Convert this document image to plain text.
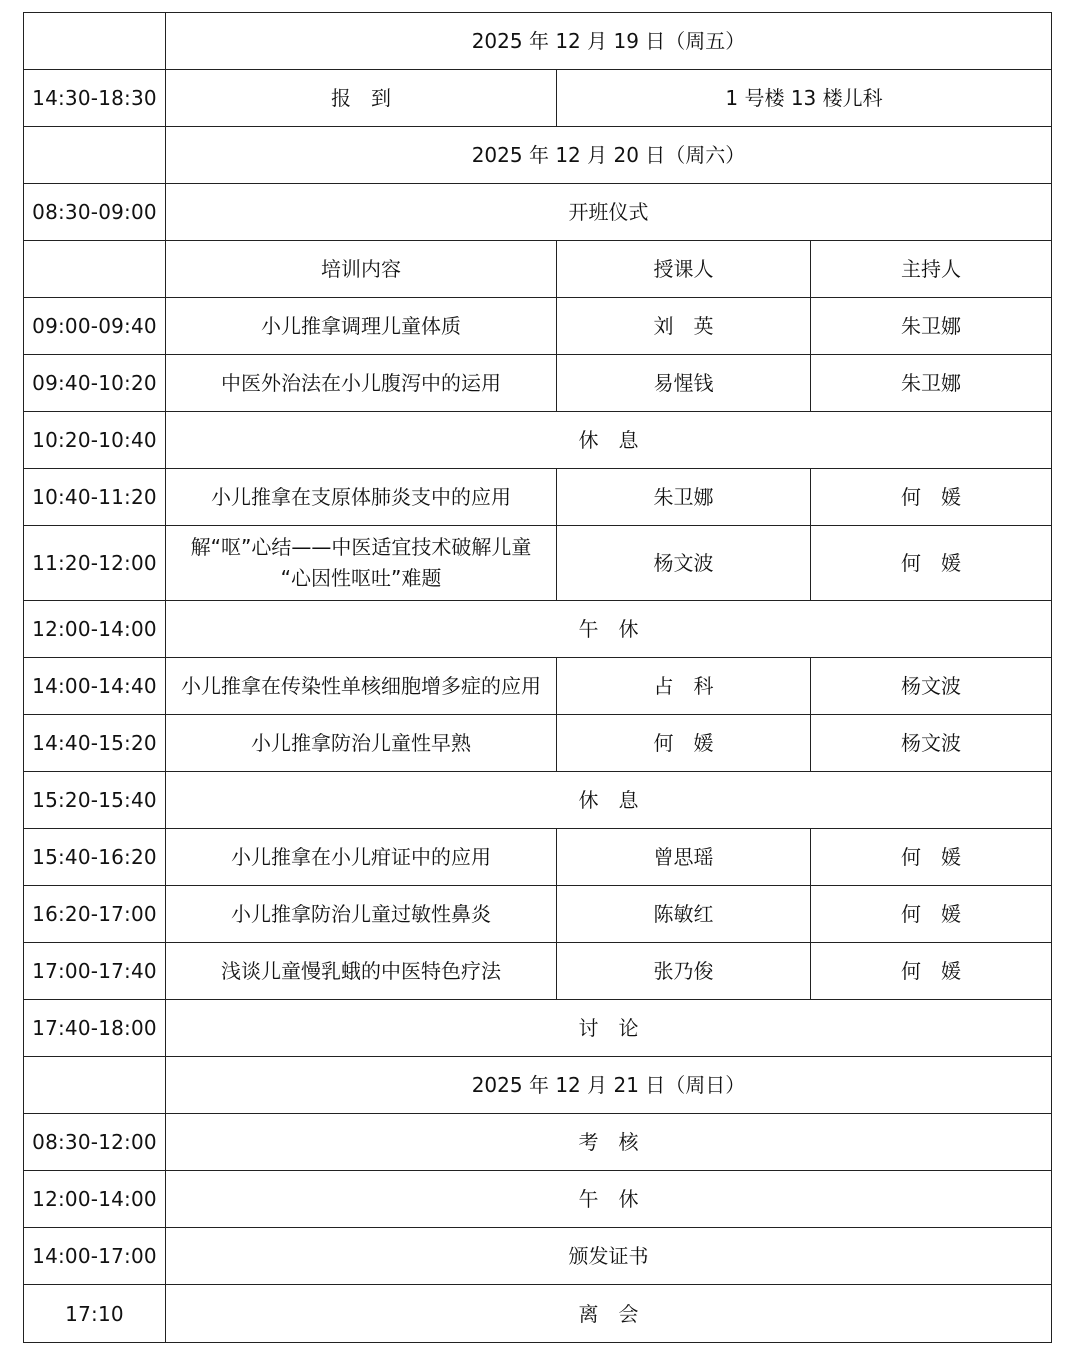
	2025 年 12 月 19 日（周五）		
14:30-18:30	报　到	1 号楼 13 楼儿科	
	2025 年 12 月 20 日（周六）		
08:30-09:00	开班仪式		
	培训内容	授课人	主持人
09:00-09:40	小儿推拿调理儿童体质	刘　英	朱卫娜
09:40-10:20	中医外治法在小儿腹泻中的运用	易惺钱	朱卫娜
10:20-10:40	休　息		
10:40-11:20	小儿推拿在支原体肺炎支中的应用	朱卫娜	何　媛
11:20-12:00	解“呕”心结——中医适宜技术破解儿童
“心因性呕吐”难题	杨文波	何　媛
12:00-14:00	午　休		
14:00-14:40	小儿推拿在传染性单核细胞增多症的应用	占　科	杨文波
14:40-15:20	小儿推拿防治儿童性早熟	何　媛	杨文波
15:20-15:40	休　息		
15:40-16:20	小儿推拿在小儿疳证中的应用	曾思瑶	何　媛
16:20-17:00	小儿推拿防治儿童过敏性鼻炎	陈敏红	何　媛
17:00-17:40	浅谈儿童慢乳蛾的中医特色疗法	张乃俊	何　媛
17:40-18:00	讨　论		
	2025 年 12 月 21 日（周日）		
08:30-12:00	考　核		
12:00-14:00	午　休		
14:00-17:00	颁发证书		
17:10	离　会		
